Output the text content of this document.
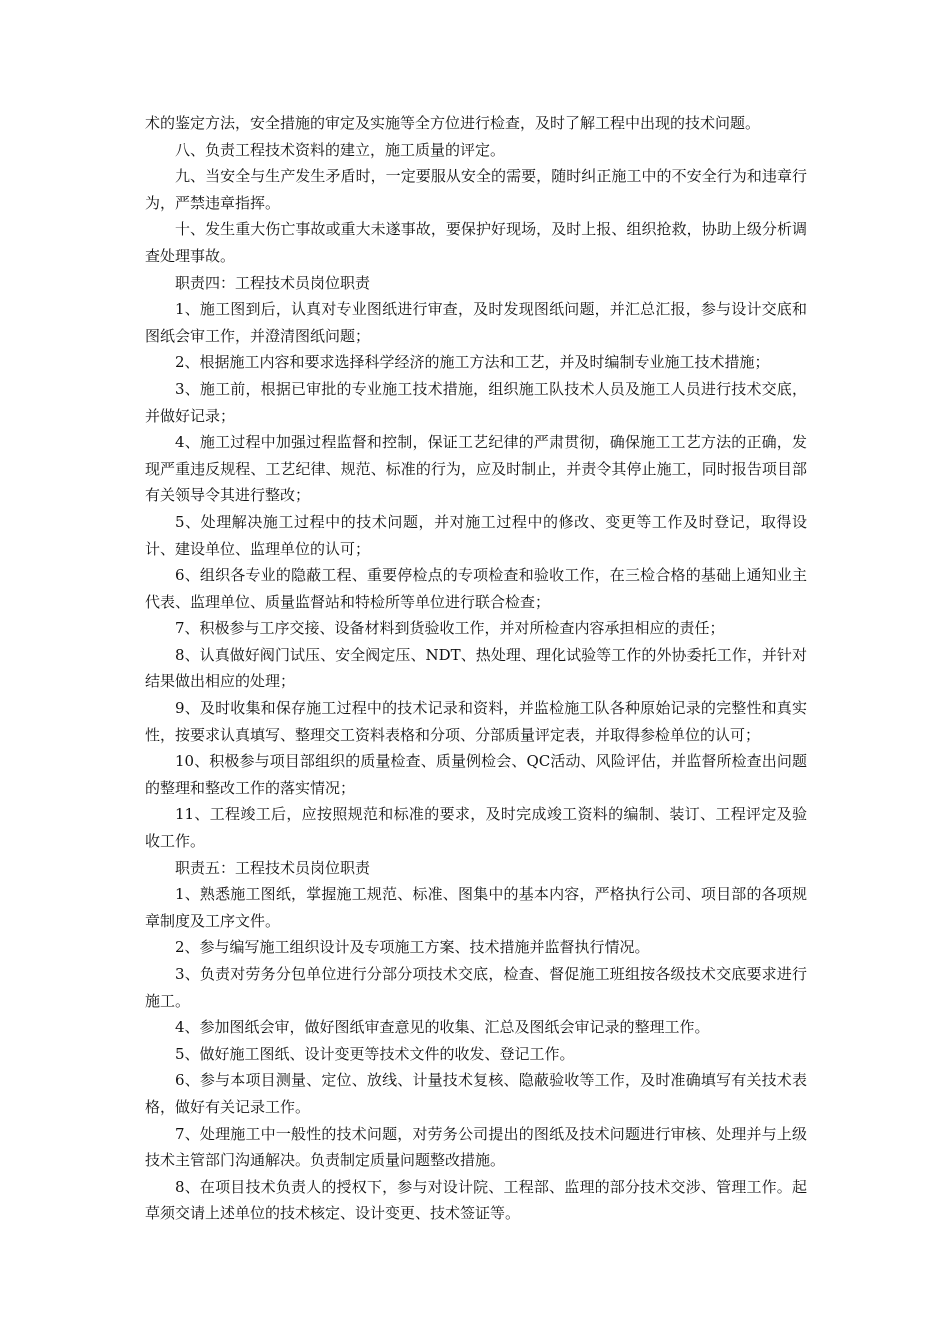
术的鉴定方法，安全措施的审定及实施等全方位进行检查，及时了解工程中出现的技术问题。

八、负责工程技术资料的建立，施工质量的评定。

九、当安全与生产发生矛盾时，一定要服从安全的需要，随时纠正施工中的不安全行为和违章行为，严禁违章指挥。

十、发生重大伤亡事故或重大未遂事故，要保护好现场，及时上报、组织抢救，协助上级分析调查处理事故。

职责四：工程技术员岗位职责

1、施工图到后，认真对专业图纸进行审查，及时发现图纸问题，并汇总汇报，参与设计交底和图纸会审工作，并澄清图纸问题；

2、根据施工内容和要求选择科学经济的施工方法和工艺，并及时编制专业施工技术措施；

3、施工前，根据已审批的专业施工技术措施，组织施工队技术人员及施工人员进行技术交底，并做好记录；

4、施工过程中加强过程监督和控制，保证工艺纪律的严肃贯彻，确保施工工艺方法的正确，发现严重违反规程、工艺纪律、规范、标准的行为，应及时制止，并责令其停止施工，同时报告项目部有关领导令其进行整改；

5、处理解决施工过程中的技术问题，并对施工过程中的修改、变更等工作及时登记，取得设计、建设单位、监理单位的认可；

6、组织各专业的隐蔽工程、重要停检点的专项检查和验收工作，在三检合格的基础上通知业主代表、监理单位、质量监督站和特检所等单位进行联合检查；

7、积极参与工序交接、设备材料到货验收工作，并对所检查内容承担相应的责任；

8、认真做好阀门试压、安全阀定压、NDT、热处理、理化试验等工作的外协委托工作，并针对结果做出相应的处理；

9、及时收集和保存施工过程中的技术记录和资料，并监检施工队各种原始记录的完整性和真实性，按要求认真填写、整理交工资料表格和分项、分部质量评定表，并取得参检单位的认可；

10、积极参与项目部组织的质量检查、质量例检会、QC活动、风险评估，并监督所检查出问题的整理和整改工作的落实情况；

11、工程竣工后，应按照规范和标准的要求，及时完成竣工资料的编制、装订、工程评定及验收工作。

职责五：工程技术员岗位职责

1、熟悉施工图纸，掌握施工规范、标准、图集中的基本内容，严格执行公司、项目部的各项规章制度及工序文件。

2、参与编写施工组织设计及专项施工方案、技术措施并监督执行情况。

3、负责对劳务分包单位进行分部分项技术交底，检查、督促施工班组按各级技术交底要求进行施工。

4、参加图纸会审，做好图纸审查意见的收集、汇总及图纸会审记录的整理工作。

5、做好施工图纸、设计变更等技术文件的收发、登记工作。

6、参与本项目测量、定位、放线、计量技术复核、隐蔽验收等工作，及时准确填写有关技术表格，做好有关记录工作。

7、处理施工中一般性的技术问题，对劳务公司提出的图纸及技术问题进行审核、处理并与上级技术主管部门沟通解决。负责制定质量问题整改措施。

8、在项目技术负责人的授权下，参与对设计院、工程部、监理的部分技术交涉、管理工作。起草须交请上述单位的技术核定、设计变更、技术签证等。
